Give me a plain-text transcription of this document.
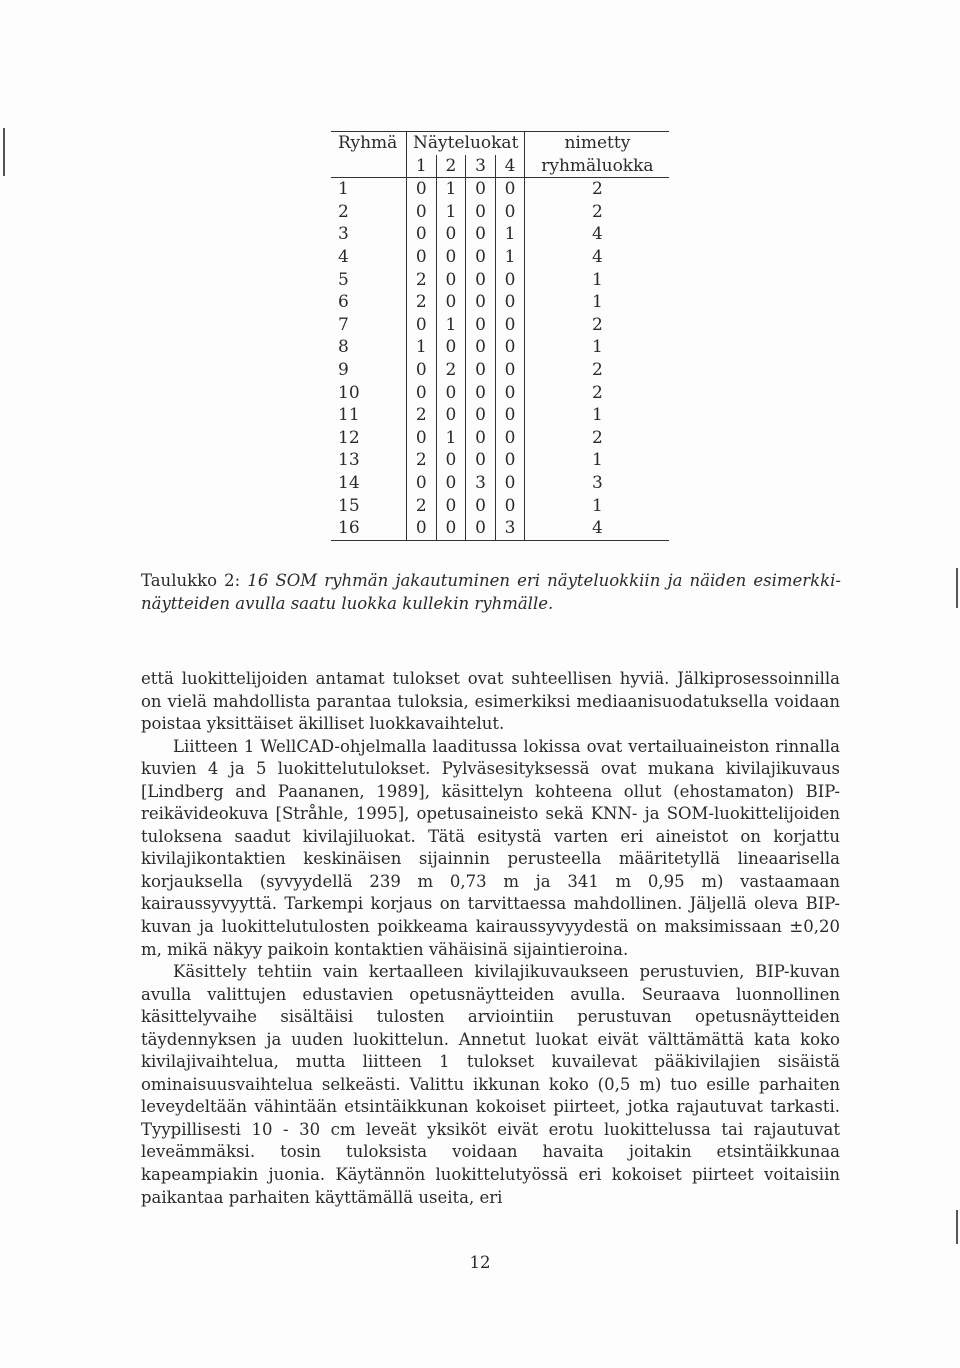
Ryhmä	Näyteluokat				nimetty
	1	2	3	4	ryhmäluokka
1	0	1	0	0	2
2	0	1	0	0	2
3	0	0	0	1	4
4	0	0	0	1	4
5	2	0	0	0	1
6	2	0	0	0	1
7	0	1	0	0	2
8	1	0	0	0	1
9	0	2	0	0	2
10	0	0	0	0	2
11	2	0	0	0	1
12	0	1	0	0	2
13	2	0	0	0	1
14	0	0	3	0	3
15	2	0	0	0	1
16	0	0	0	3	4
Taulukko 2: 16 SOM ryhmän jakautuminen eri näyteluokkiin ja näiden esimerkki-näytteiden avulla saatu luokka kullekin ryhmälle.

että luokittelijoiden antamat tulokset ovat suhteellisen hyviä. Jälkiprosessoinnilla on vielä mahdollista parantaa tuloksia, esimerkiksi mediaanisuodatuksella voidaan poistaa yksittäiset äkilliset luokkavaihtelut.

Liitteen 1 WellCAD-ohjelmalla laaditussa lokissa ovat vertailuaineiston rinnalla kuvien 4 ja 5 luokittelutulokset. Pylväsesityksessä ovat mukana kivilajikuvaus [Lindberg and Paananen, 1989], käsittelyn kohteena ollut (ehostamaton) BIP-reikävideokuva [Stråhle, 1995], opetusaineisto sekä KNN- ja SOM-luokittelijoiden tuloksena saadut kivilajiluokat. Tätä esitystä varten eri aineistot on korjattu kivilajikontaktien keskinäisen sijainnin perusteella määritetyllä lineaarisella korjauksella (syvyydellä 239 m 0,73 m ja 341 m 0,95 m) vastaamaan kairaussyvyyttä. Tarkempi korjaus on tarvittaessa mahdollinen. Jäljellä oleva BIP-kuvan ja luokittelutulosten poikkeama kairaussyvyydestä on maksimissaan ±0,20 m, mikä näkyy paikoin kontaktien vähäisinä sijaintieroina.

Käsittely tehtiin vain kertaalleen kivilajikuvaukseen perustuvien, BIP-kuvan avulla valittujen edustavien opetusnäytteiden avulla. Seuraava luonnollinen käsittelyvaihe sisältäisi tulosten arviointiin perustuvan opetusnäytteiden täydennyksen ja uuden luokittelun. Annetut luokat eivät välttämättä kata koko kivilajivaihtelua, mutta liitteen 1 tulokset kuvailevat pääkivilajien sisäistä ominaisuusvaihtelua selkeästi. Valittu ikkunan koko (0,5 m) tuo esille parhaiten leveydeltään vähintään etsintäikkunan kokoiset piirteet, jotka rajautuvat tarkasti. Tyypillisesti 10 - 30 cm leveät yksiköt eivät erotu luokittelussa tai rajautuvat leveämmäksi. tosin tuloksista voidaan havaita joitakin etsintäikkunaa kapeampiakin juonia. Käytännön luokittelutyössä eri kokoiset piirteet voitaisiin paikantaa parhaiten käyttämällä useita, eri

12
